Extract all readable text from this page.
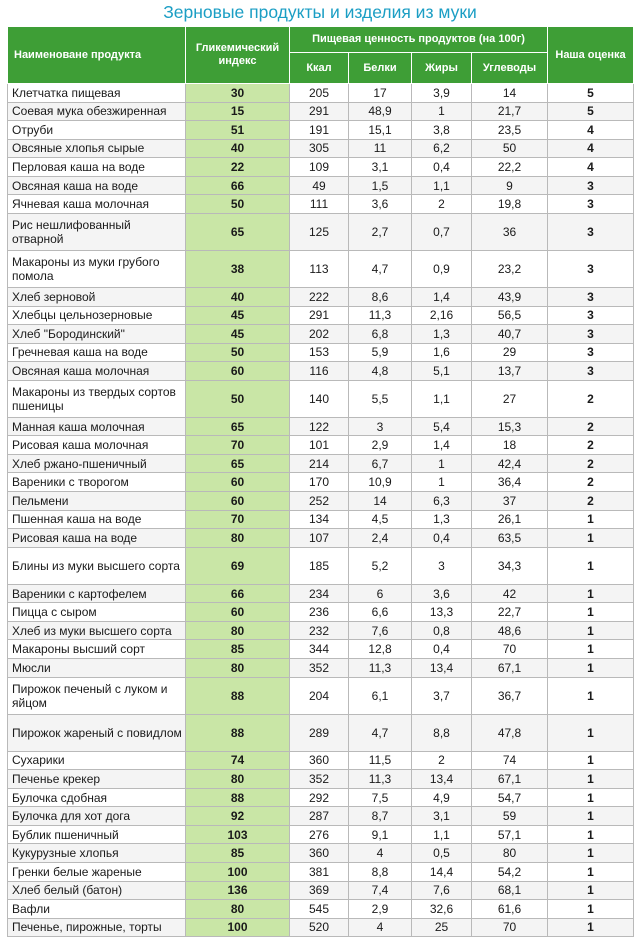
Зерновые продукты и изделия из муки
Наименоване продукта	Гликемический индекс	Пищевая ценность продуктов (на 100г)				Наша оценка
		Ккал	Белки	Жиры	Углеводы	
Клетчатка пищевая	30	205	17	3,9	14	5
Соевая мука обезжиренная	15	291	48,9	1	21,7	5
Отруби	51	191	15,1	3,8	23,5	4
Овсяные хлопья сырые	40	305	11	6,2	50	4
Перловая каша на воде	22	109	3,1	0,4	22,2	4
Овсяная каша на воде	66	49	1,5	1,1	9	3
Ячневая каша молочная	50	111	3,6	2	19,8	3
Рис нешлифованный отварной	65	125	2,7	0,7	36	3
Макароны из муки грубого помола	38	113	4,7	0,9	23,2	3
Хлеб зерновой	40	222	8,6	1,4	43,9	3
Хлебцы цельнозерновые	45	291	11,3	2,16	56,5	3
Хлеб "Бородинский"	45	202	6,8	1,3	40,7	3
Гречневая каша на воде	50	153	5,9	1,6	29	3
Овсяная каша молочная	60	116	4,8	5,1	13,7	3
Макароны из твердых сортов пшеницы	50	140	5,5	1,1	27	2
Манная каша молочная	65	122	3	5,4	15,3	2
Рисовая каша молочная	70	101	2,9	1,4	18	2
Хлеб ржано-пшеничный	65	214	6,7	1	42,4	2
Вареники с творогом	60	170	10,9	1	36,4	2
Пельмени	60	252	14	6,3	37	2
Пшенная каша на воде	70	134	4,5	1,3	26,1	1
Рисовая каша на воде	80	107	2,4	0,4	63,5	1
Блины из муки высшего сорта	69	185	5,2	3	34,3	1
Вареники с картофелем	66	234	6	3,6	42	1
Пицца с сыром	60	236	6,6	13,3	22,7	1
Хлеб из муки высшего сорта	80	232	7,6	0,8	48,6	1
Макароны высший сорт	85	344	12,8	0,4	70	1
Мюсли	80	352	11,3	13,4	67,1	1
Пирожок печеный с луком и яйцом	88	204	6,1	3,7	36,7	1
Пирожок жареный с повидлом	88	289	4,7	8,8	47,8	1
Сухарики	74	360	11,5	2	74	1
Печенье крекер	80	352	11,3	13,4	67,1	1
Булочка сдобная	88	292	7,5	4,9	54,7	1
Булочка для хот дога	92	287	8,7	3,1	59	1
Бублик пшеничный	103	276	9,1	1,1	57,1	1
Кукурузные хлопья	85	360	4	0,5	80	1
Гренки белые жареные	100	381	8,8	14,4	54,2	1
Хлеб белый (батон)	136	369	7,4	7,6	68,1	1
Вафли	80	545	2,9	32,6	61,6	1
Печенье, пирожные, торты	100	520	4	25	70	1
